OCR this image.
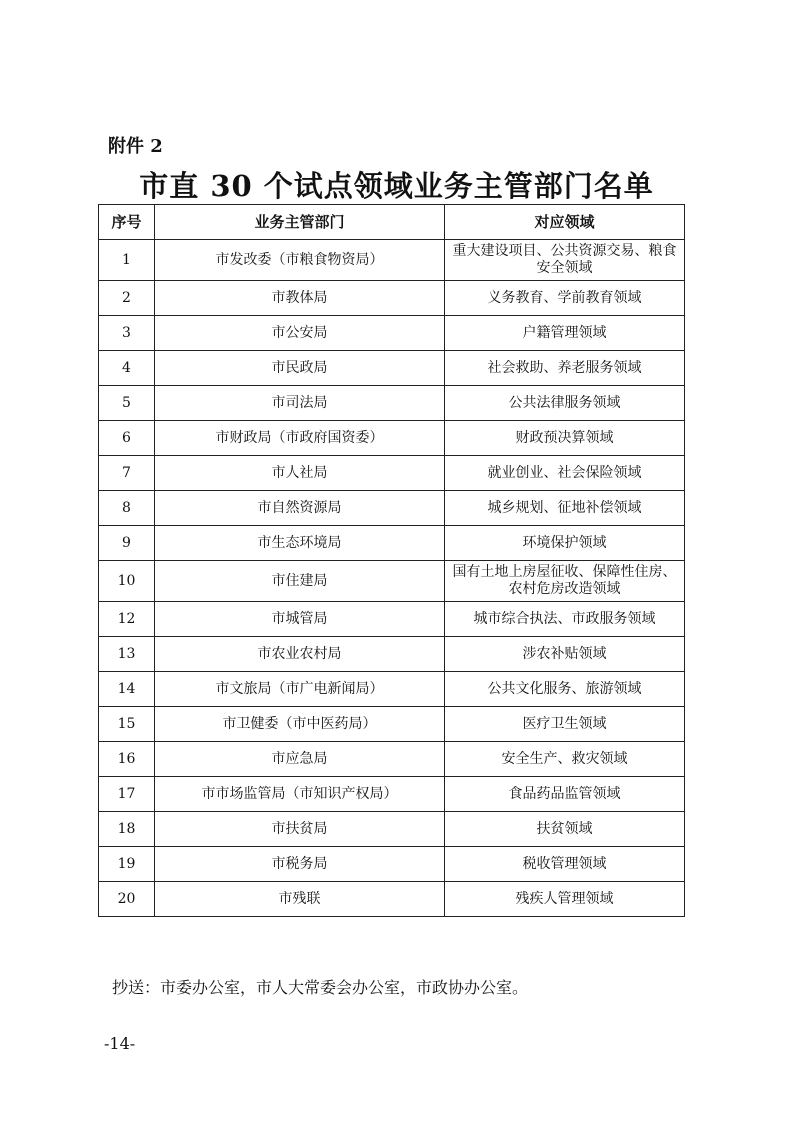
附件 2
市直 30 个试点领域业务主管部门名单
序号	业务主管部门	对应领域
1	市发改委（市粮食物资局）	重大建设项目、公共资源交易、粮食安全领域
2	市教体局	义务教育、学前教育领域
3	市公安局	户籍管理领域
4	市民政局	社会救助、养老服务领域
5	市司法局	公共法律服务领域
6	市财政局（市政府国资委）	财政预决算领域
7	市人社局	就业创业、社会保险领域
8	市自然资源局	城乡规划、征地补偿领域
9	市生态环境局	环境保护领域
10	市住建局	国有土地上房屋征收、保障性住房、农村危房改造领域
12	市城管局	城市综合执法、市政服务领域
13	市农业农村局	涉农补贴领域
14	市文旅局（市广电新闻局）	公共文化服务、旅游领域
15	市卫健委（市中医药局）	医疗卫生领域
16	市应急局	安全生产、救灾领域
17	市市场监管局（市知识产权局）	食品药品监管领域
18	市扶贫局	扶贫领域
19	市税务局	税收管理领域
20	市残联	残疾人管理领域
抄送：市委办公室，市人大常委会办公室，市政协办公室。
-14-
